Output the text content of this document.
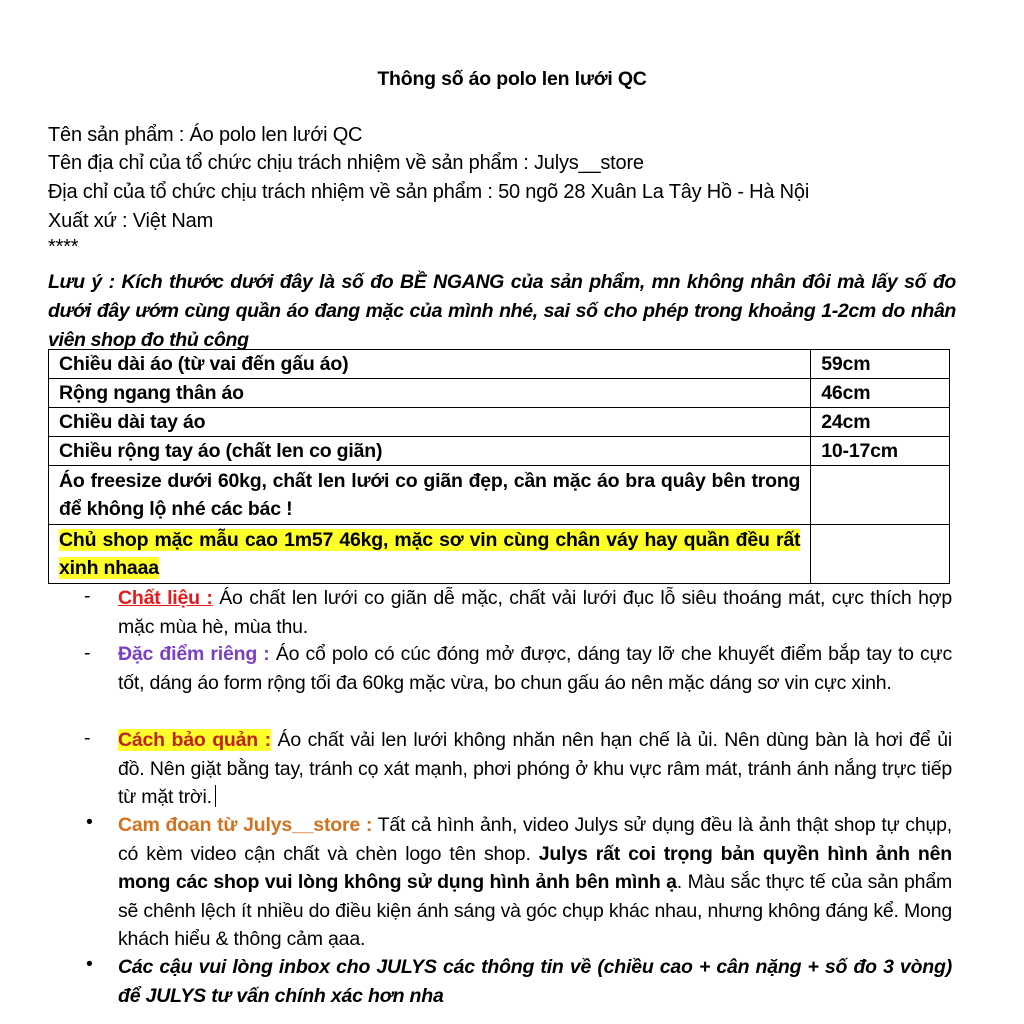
Thông số áo polo len lưới QC
Tên sản phẩm : Áo polo len lưới QC
Tên địa chỉ của tổ chức chịu trách nhiệm về sản phẩm : Julys__store
Địa chỉ của tổ chức chịu trách nhiệm về sản phẩm : 50 ngõ 28 Xuân La Tây Hồ - Hà Nội
Xuất xứ : Việt Nam
****
Lưu ý : Kích thước dưới đây là số đo BỀ NGANG của sản phẩm, mn không nhân đôi mà lấy số đo dưới đây ướm cùng quần áo đang mặc của mình nhé, sai số cho phép trong khoảng 1-2cm do nhân viên shop đo thủ công
Chiều dài áo (từ vai đến gấu áo)	59cm
Rộng ngang thân áo	46cm
Chiều dài tay áo	24cm
Chiều rộng tay áo (chất len co giãn)	10-17cm
Áo freesize dưới 60kg, chất len lưới co giãn đẹp, cần mặc áo bra quây bên trong để không lộ nhé các bác !	
Chủ shop mặc mẫu cao 1m57 46kg, mặc sơ vin cùng chân váy hay quần đều rất xinh nhaaa	
- Chất liệu : Áo chất len lưới co giãn dễ mặc, chất vải lưới đục lỗ siêu thoáng mát, cực thích hợp mặc mùa hè, mùa thu.
- Đặc điểm riêng : Áo cổ polo có cúc đóng mở được, dáng tay lỡ che khuyết điểm bắp tay to cực tốt, dáng áo form rộng tối đa 60kg mặc vừa, bo chun gấu áo nên mặc dáng sơ vin cực xinh.
- Cách bảo quản : Áo chất vải len lưới không nhăn nên hạn chế là ủi. Nên dùng bàn là hơi để ủi đồ. Nên giặt bằng tay, tránh cọ xát mạnh, phơi phóng ở khu vực râm mát, tránh ánh nắng trực tiếp từ mặt trời.
• Cam đoan từ Julys__store : Tất cả hình ảnh, video Julys sử dụng đều là ảnh thật shop tự chụp, có kèm video cận chất và chèn logo tên shop. Julys rất coi trọng bản quyền hình ảnh nên mong các shop vui lòng không sử dụng hình ảnh bên mình ạ. Màu sắc thực tế của sản phẩm sẽ chênh lệch ít nhiều do điều kiện ánh sáng và góc chụp khác nhau, nhưng không đáng kể. Mong khách hiểu & thông cảm ạaa.
• Các cậu vui lòng inbox cho JULYS các thông tin về (chiều cao + cân nặng + số đo 3 vòng) để JULYS tư vấn chính xác hơn nha
